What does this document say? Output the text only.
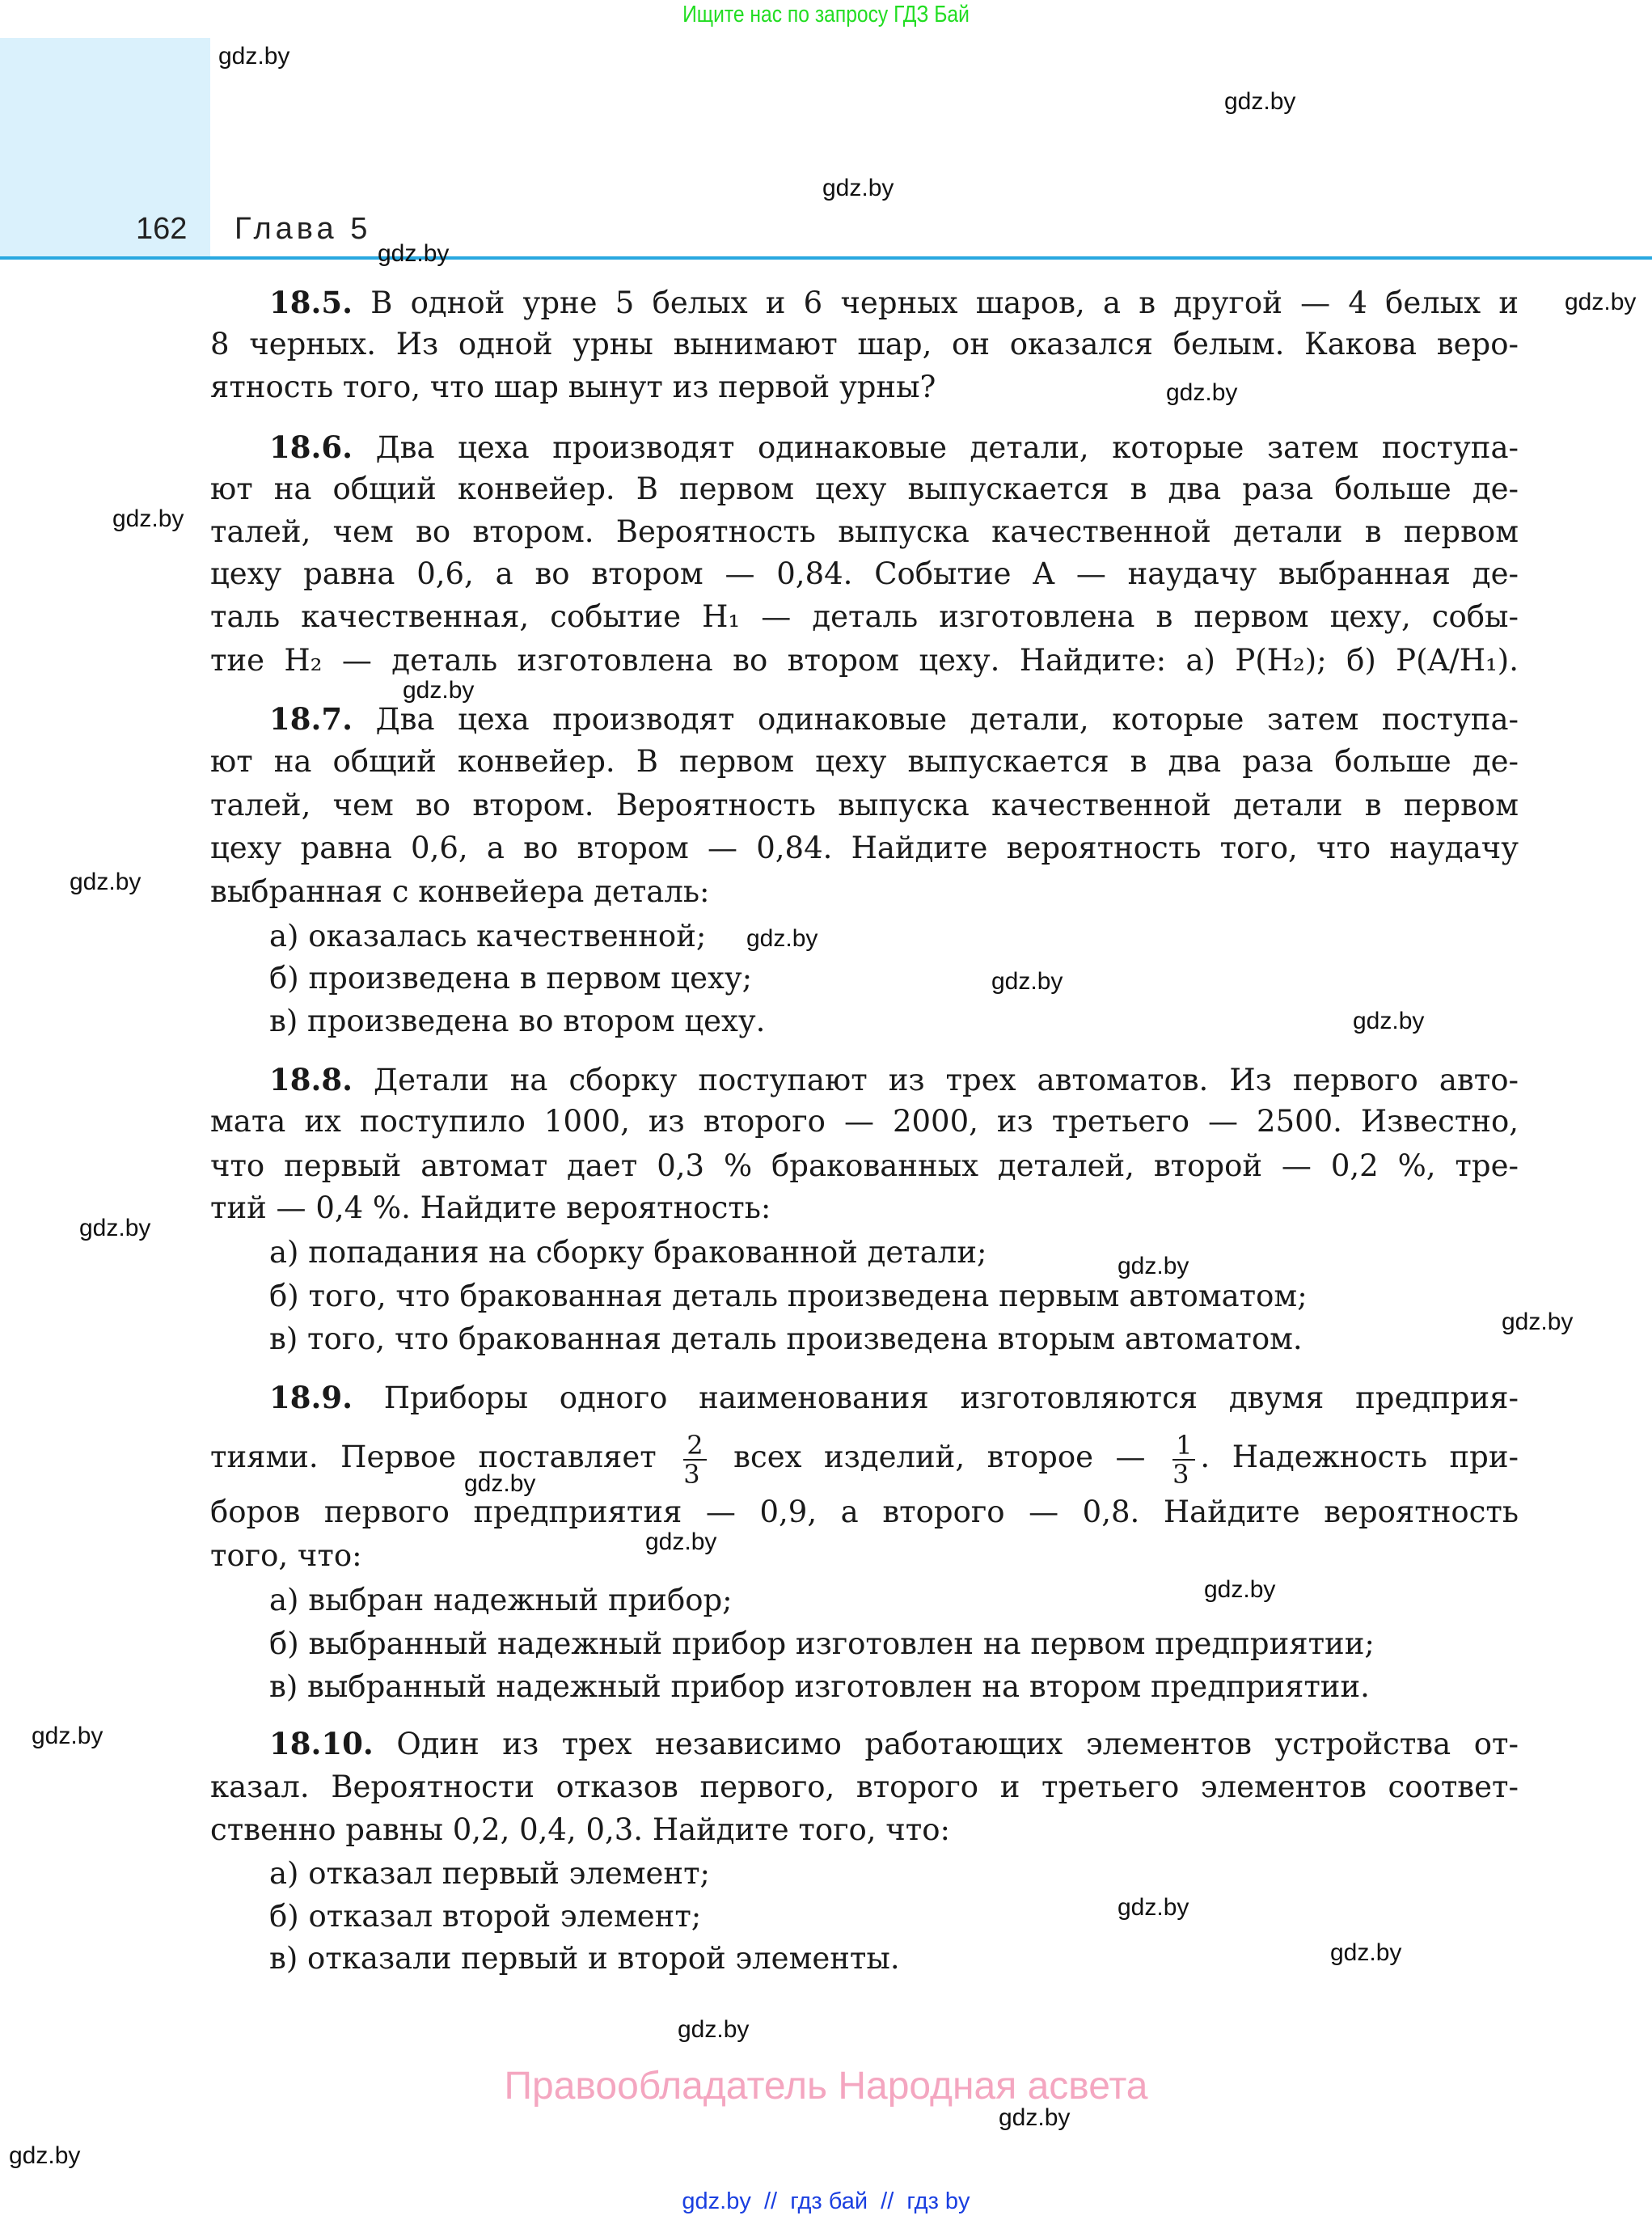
Ищите нас по запросу ГДЗ Бай
162 Глава 5
18.5. В одной урне 5 белых и 6 черных шаров, а в другой — 4 белых и
8 черных. Из одной урны вынимают шар, он оказался белым. Какова веро-
ятность того, что шар вынут из первой урны?
18.6. Два цеха производят одинаковые детали, которые затем поступа-
ют на общий конвейер. В первом цеху выпускается в два раза больше де-
талей, чем во втором. Вероятность выпуска качественной детали в первом
цеху равна 0,6, а во втором — 0,84. Событие A — наудачу выбранная де-
таль качественная, событие H₁ — деталь изготовлена в первом цеху, собы-
тие H₂ — деталь изготовлена во втором цеху. Найдите: а) P(H₂); б) P(A/H₁).
18.7. Два цеха производят одинаковые детали, которые затем поступа-
ют на общий конвейер. В первом цеху выпускается в два раза больше де-
талей, чем во втором. Вероятность выпуска качественной детали в первом
цеху равна 0,6, а во втором — 0,84. Найдите вероятность того, что наудачу
выбранная с конвейера деталь:
а) оказалась качественной;
б) произведена в первом цеху;
в) произведена во втором цеху.
18.8. Детали на сборку поступают из трех автоматов. Из первого авто-
мата их поступило 1000, из второго — 2000, из третьего — 2500. Известно,
что первый автомат дает 0,3 % бракованных деталей, второй — 0,2 %, тре-
тий — 0,4 %. Найдите вероятность:
а) попадания на сборку бракованной детали;
б) того, что бракованная деталь произведена первым автоматом;
в) того, что бракованная деталь произведена вторым автоматом.
18.9. Приборы одного наименования изготовляются двумя предприя-
тиями. Первое поставляет $\frac{2}{3}$ всех изделий, второе — $\frac{1}{3}$ . Надежность при-
боров первого предприятия — 0,9, а второго — 0,8. Найдите вероятность
того, что:
а) выбран надежный прибор;
б) выбранный надежный прибор изготовлен на первом предприятии;
в) выбранный надежный прибор изготовлен на втором предприятии.
18.10. Один из трех независимо работающих элементов устройства от-
казал. Вероятности отказов первого, второго и третьего элементов соответ-
ственно равны 0,2, 0,4, 0,3. Найдите того, что:
а) отказал первый элемент;
б) отказал второй элемент;
в) отказали первый и второй элементы.
gdz.by
gdz.by
gdz.by
gdz.by
gdz.by
gdz.by
gdz.by
gdz.by
gdz.by
gdz.by
gdz.by
gdz.by
gdz.by
gdz.by
gdz.by
gdz.by
gdz.by
gdz.by
gdz.by
gdz.by
gdz.by
gdz.by
gdz.by
gdz.by
Правообладатель Народная асвета
gdz.by  //  гдз бай  //  гдз by
